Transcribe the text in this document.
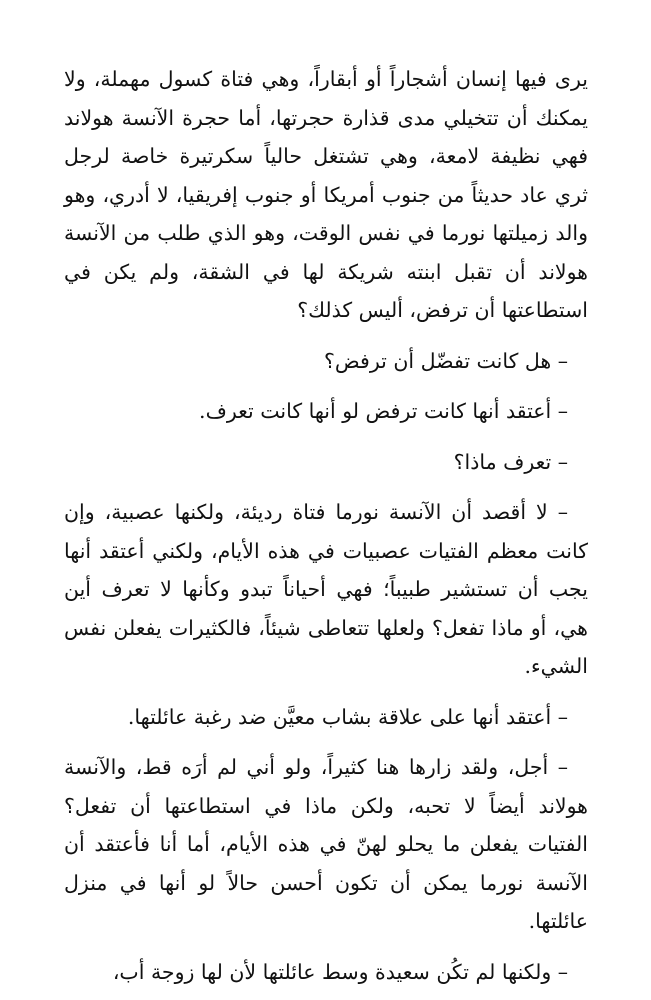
يرى فيها إنسان أشجاراً أو أبقاراً، وهي فتاة كسول مهملة، ولا يمكنك أن تتخيلي مدى قذارة حجرتها، أما حجرة الآنسة هولاند فهي نظيفة لامعة، وهي تشتغل حالياً سكرتيرة خاصة لرجل ثري عاد حديثاً من جنوب أمريكا أو جنوب إفريقيا، لا أدري، وهو والد زميلتها نورما في نفس الوقت، وهو الذي طلب من الآنسة هولاند أن تقبل ابنته شريكة لها في الشقة، ولم يكن في استطاعتها أن ترفض، أليس كذلك؟

– هل كانت تفضّل أن ترفض؟

– أعتقد أنها كانت ترفض لو أنها كانت تعرف.

– تعرف ماذا؟

– لا أقصد أن الآنسة نورما فتاة رديئة، ولكنها عصبية، وإن كانت معظم الفتيات عصبيات في هذه الأيام، ولكني أعتقد أنها يجب أن تستشير طبيباً؛ فهي أحياناً تبدو وكأنها لا تعرف أين هي، أو ماذا تفعل؟ ولعلها تتعاطى شيئاً، فالكثيرات يفعلن نفس الشيء.

– أعتقد أنها على علاقة بشاب معيَّن ضد رغبة عائلتها.

– أجل، ولقد زارها هنا كثيراً، ولو أني لم أرَه قط، والآنسة هولاند أيضاً لا تحبه، ولكن ماذا في استطاعتها أن تفعل؟ الفتيات يفعلن ما يحلو لهنّ في هذه الأيام، أما أنا فأعتقد أن الآنسة نورما يمكن أن تكون أحسن حالاً لو أنها في منزل عائلتها.

– ولكنها لم تكُن سعيدة وسط عائلتها لأن لها زوجة أب،
